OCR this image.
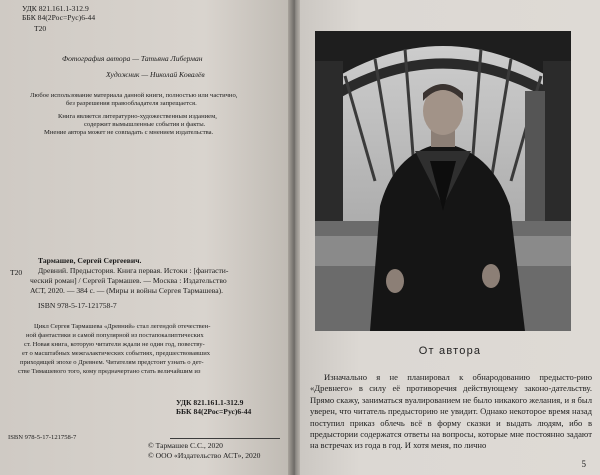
УДК 821.161.1-312.9
ББК 84(2Рос=Рус)6-44
Т20
Фотография автора — Татьяна Либерман
Художник — Николай Ковалёв
Любое использование материала данной книги, полностью или частично,
без разрешения правообладателя запрещается.
Книга является литературно-художественным изданием,
содержит вымышленные события и факты.
Мнение автора может не совпадать с мнением издательства.
Тармашев, Сергей Сергеевич.
Т20 Древний. Предыстория. Книга первая. Истоки : [фантасти-
ческий роман] / Сергей Тармашев. — Москва : Издательство
АСТ, 2020. — 384 с. — (Миры и войны Сергея Тармашева).
ISBN 978-5-17-121758-7
Цикл Сергея Тармашева «Древний» стал легендой отечествен-
ной фантастики и самой популярной из постапокалиптических
ст. Новая книга, которую читатели ждали не один год, повеству-
ет о масштабных межгалактических событиях, предшествовавших
приходящей эпохе о Древнем. Читателям предстоит узнать о дет-
стве Тимашевого того, кому предначертано стать величайшим из
УДК 821.161.1-312.9
ББК 84(2Рос=Рус)6-44
ISBN 978-5-17-121758-7
© Тармашев С.С., 2020
© ООО «Издательство АСТ», 2020
От автора

Изначально я не планировал к обнародованию предысто-рию «Древнего» в силу её противоречия действующему законо-дательству. Прямо скажу, заниматься вуалированием не было никакого желания, и я был уверен, что читатель предысторию не увидит. Однако некоторое время назад поступил приказ облечь всё в форму сказки и выдать людям, ибо в предыстории содержатся ответы на вопросы, которые мне постоянно задают на встречах из года в год. И хотя меня, по лично

5
